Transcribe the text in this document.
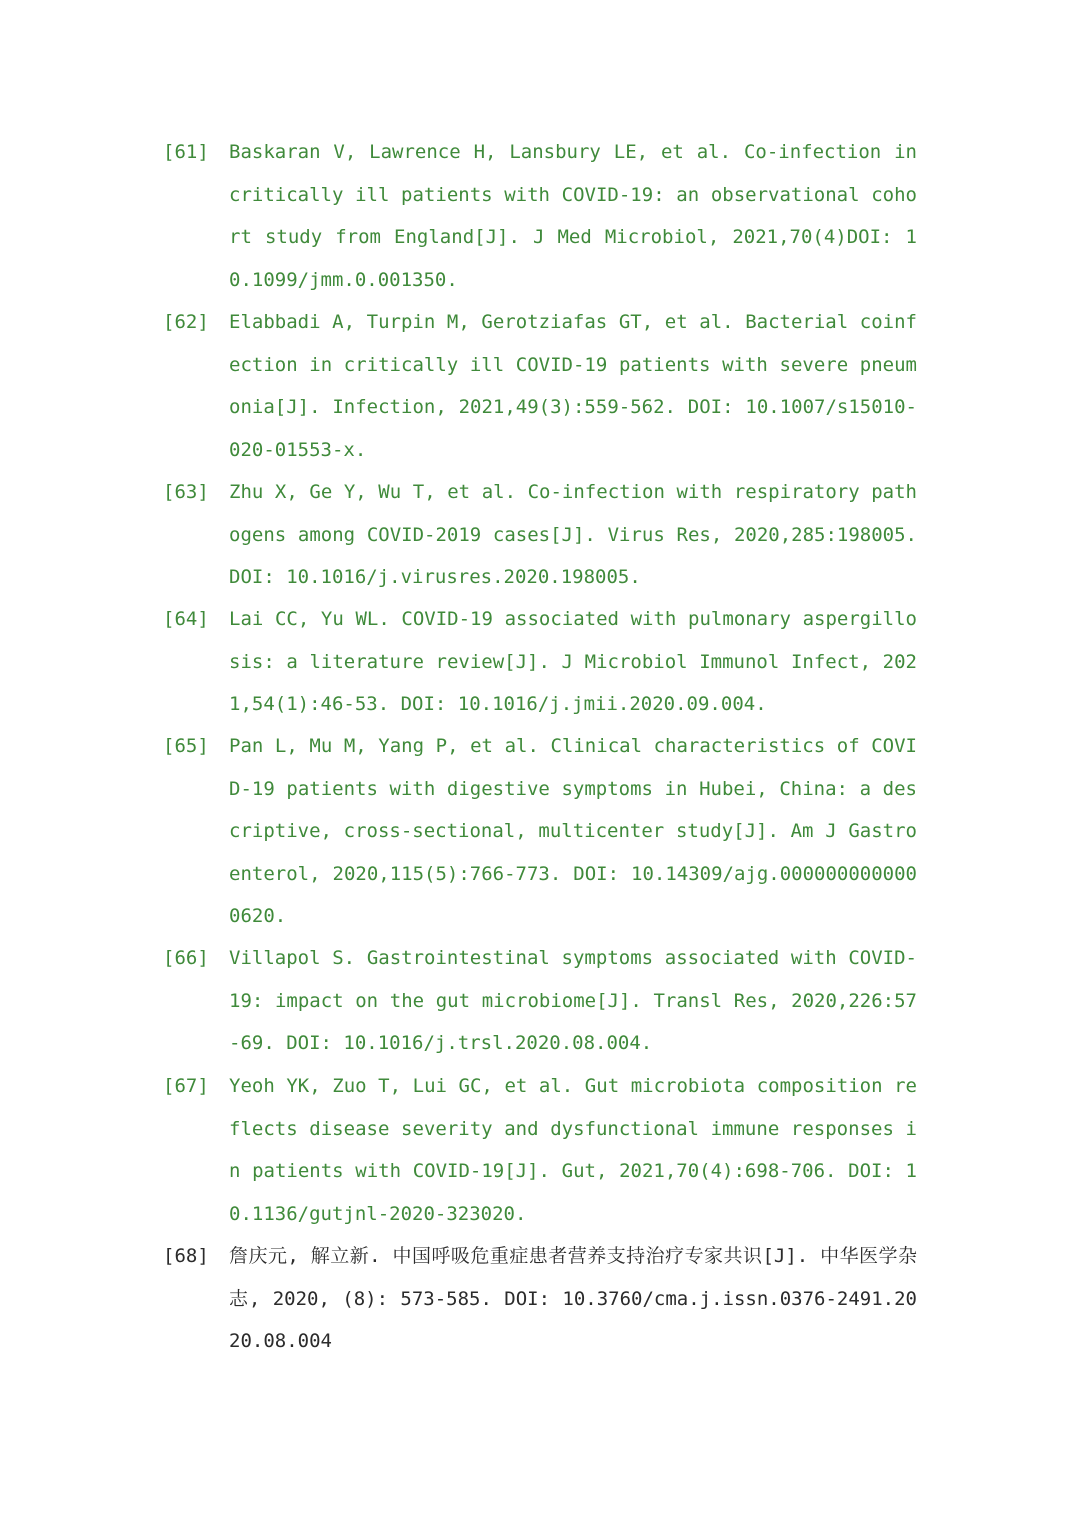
[61]	Baskaran V, Lawrence H, Lansbury LE, et al. Co-infection in critically ill patients with COVID-19: an observational cohort study from England[J]. J Med Microbiol, 2021,70(4)DOI: 10.1099/jmm.0.001350.
[62]	Elabbadi A, Turpin M, Gerotziafas GT, et al. Bacterial coinfection in critically ill COVID-19 patients with severe pneumonia[J]. Infection, 2021,49(3):559-562. DOI: 10.1007/s15010-020-01553-x.
[63]	Zhu X, Ge Y, Wu T, et al. Co-infection with respiratory pathogens among COVID-2019 cases[J]. Virus Res, 2020,285:198005. DOI: 10.1016/j.virusres.2020.198005.
[64]	Lai CC, Yu WL. COVID-19 associated with pulmonary aspergillosis: a literature review[J]. J Microbiol Immunol Infect, 2021,54(1):46-53. DOI: 10.1016/j.jmii.2020.09.004.
[65]	Pan L, Mu M, Yang P, et al. Clinical characteristics of COVID-19 patients with digestive symptoms in Hubei, China: a descriptive, cross-sectional, multicenter study[J]. Am J Gastroenterol, 2020,115(5):766-773. DOI: 10.14309/ajg.0000000000000620.
[66]	Villapol S. Gastrointestinal symptoms associated with COVID-19: impact on the gut microbiome[J]. Transl Res, 2020,226:57-69. DOI: 10.1016/j.trsl.2020.08.004.
[67]	Yeoh YK, Zuo T, Lui GC, et al. Gut microbiota composition reflects disease severity and dysfunctional immune responses in patients with COVID-19[J]. Gut, 2021,70(4):698-706. DOI: 10.1136/gutjnl-2020-323020.
[68]	詹庆元, 解立新. 中国呼吸危重症患者营养支持治疗专家共识[J]. 中华医学杂志, 2020, (8): 573-585. DOI: 10.3760/cma.j.issn.0376-2491.2020.08.004
